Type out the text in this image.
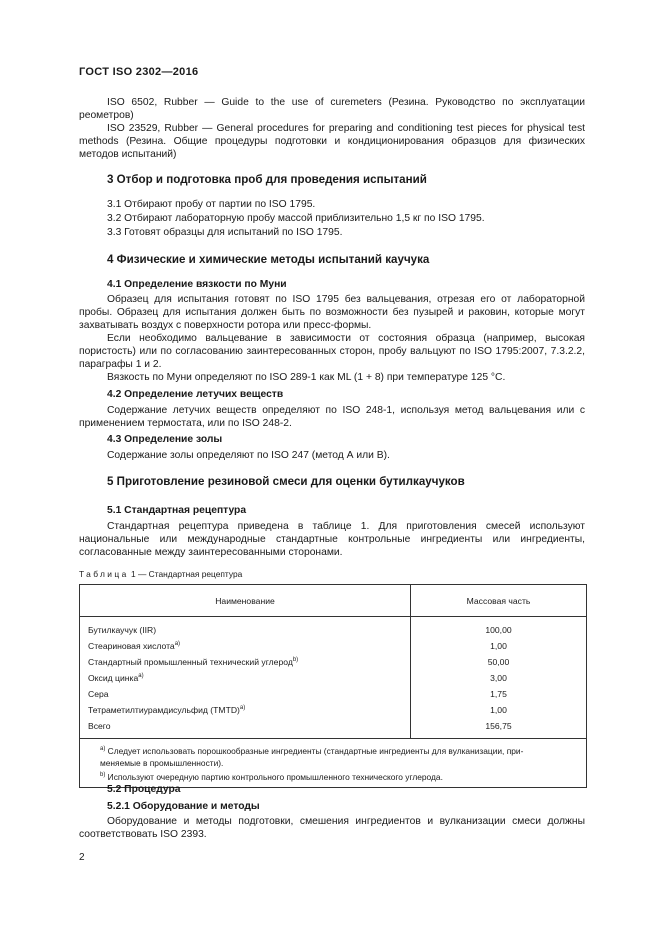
ГОСТ ISO 2302—2016
ISO 6502, Rubber — Guide to the use of curemeters (Резина. Руководство по эксплуатации реометров)
ISO 23529, Rubber — General procedures for preparing and conditioning test pieces for physical test methods (Резина. Общие процедуры подготовки и кондиционирования образцов для физических методов испытаний)
3 Отбор и подготовка проб для проведения испытаний
3.1 Отбирают пробу от партии по ISO 1795.
3.2 Отбирают лабораторную пробу массой приблизительно 1,5 кг по ISO 1795.
3.3 Готовят образцы для испытаний по ISO 1795.
4 Физические и химические методы испытаний каучука
4.1 Определение вязкости по Муни
Образец для испытания готовят по ISO 1795 без вальцевания, отрезая его от лабораторной пробы. Образец для испытания должен быть по возможности без пузырей и раковин, которые могут захватывать воздух с поверхности ротора или пресс-формы.
Если необходимо вальцевание в зависимости от состояния образца (например, высокая пористость) или по согласованию заинтересованных сторон, пробу вальцуют по ISO 1795:2007, 7.3.2.2, параграфы 1 и 2.
Вязкость по Муни определяют по ISO 289-1 как ML (1 + 8) при температуре 125 °C.
4.2 Определение летучих веществ
Содержание летучих веществ определяют по ISO 248-1, используя метод вальцевания или с применением термостата, или по ISO 248-2.
4.3 Определение золы
Содержание золы определяют по ISO 247 (метод А или В).
5 Приготовление резиновой смеси для оценки бутилкаучуков
5.1 Стандартная рецептура
Стандартная рецептура приведена в таблице 1. Для приготовления смесей используют национальные или международные стандартные контрольные ингредиенты или ингредиенты, согласованные между заинтересованными сторонами.
Таблица 1 — Стандартная рецептура
Наименование	Массовая часть
Бутилкаучук (IIR)	100,00
Стеариновая хислота$^{a)}$	1,00
Стандартный промышленный технический углерод$^{b)}$	50,00
Оксид цинка$^{a)}$	3,00
Сера	1,75
Тетраметилтиурамдисульфид (TMTD)$^{a)}$	1,00
Всего	156,75

$^{a)}$ Следует использовать порошкообразные ингредиенты (стандартные ингредиенты для вулканизации, при-
меняемые в промышленности).
$^{b)}$ Используют очередную партию контрольного промышленного технического углерода.	
5.2 Процедура
5.2.1 Оборудование и методы
Оборудование и методы подготовки, смешения ингредиентов и вулканизации смеси должны соответствовать ISO 2393.
2
